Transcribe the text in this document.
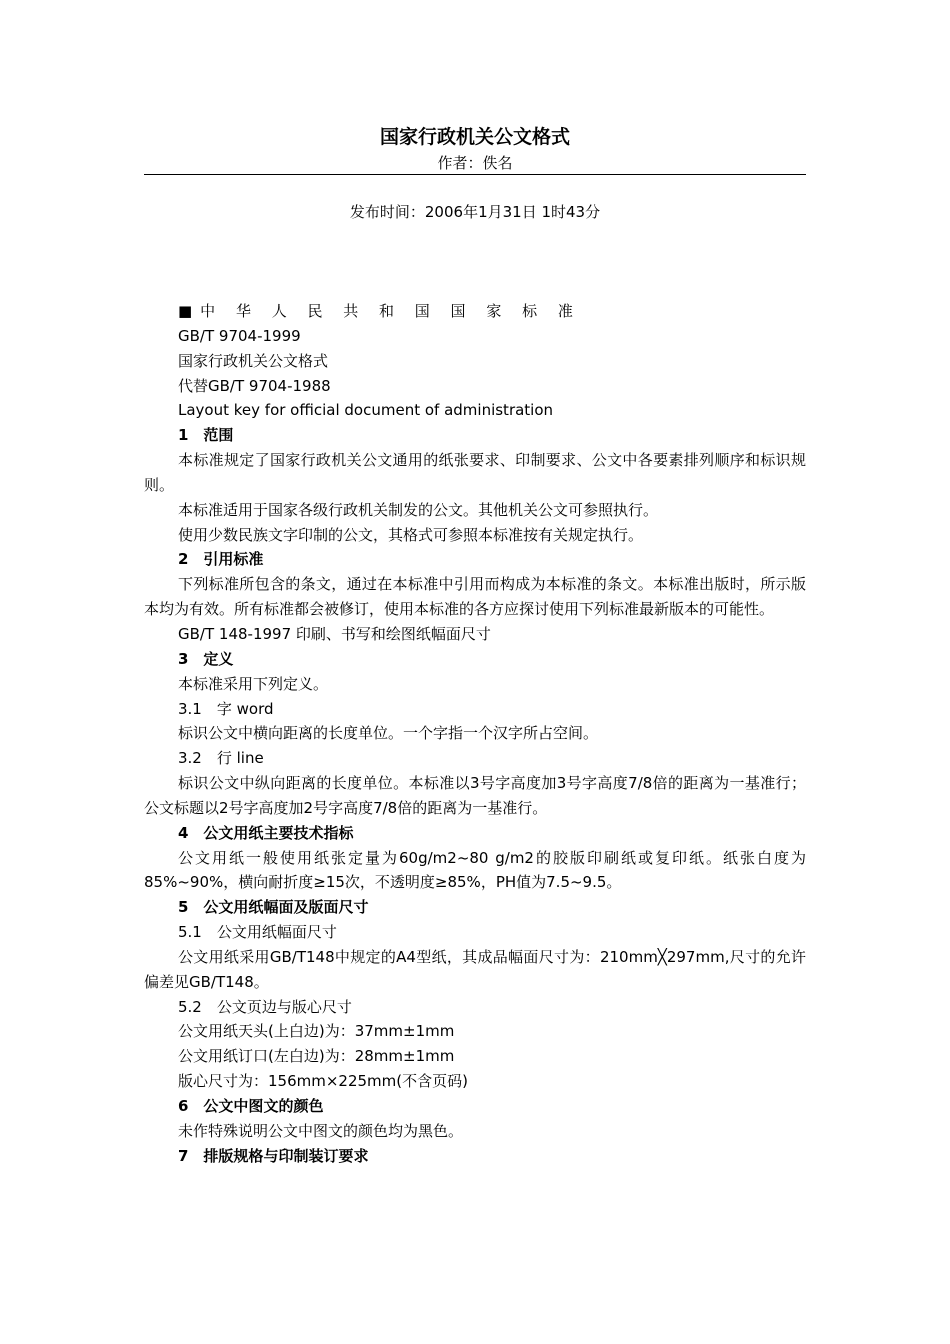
国家行政机关公文格式
作者：佚名
发布时间：2006年1月31日 1时43分

■中 华 人 民 共 和 国 国 家 标 准

GB/T 9704-1999

国家行政机关公文格式

代替GB/T 9704-1988

Layout key for official document of administration

1　范围

本标准规定了国家行政机关公文通用的纸张要求、印制要求、公文中各要素排列顺序和标识规则。

本标准适用于国家各级行政机关制发的公文。其他机关公文可参照执行。

使用少数民族文字印制的公文，其格式可参照本标准按有关规定执行。

2　引用标准

下列标准所包含的条文，通过在本标准中引用而构成为本标准的条文。本标准出版时，所示版本均为有效。所有标准都会被修订，使用本标准的各方应探讨使用下列标准最新版本的可能性。

GB/T 148-1997 印刷、书写和绘图纸幅面尺寸

3　定义

本标准采用下列定义。

3.1　字 word

标识公文中横向距离的长度单位。一个字指一个汉字所占空间。

3.2　行 line

标识公文中纵向距离的长度单位。本标准以3号字高度加3号字高度7/8倍的距离为一基准行；公文标题以2号字高度加2号字高度7/8倍的距离为一基准行。

4　公文用纸主要技术指标

公文用纸一般使用纸张定量为60g/m2~80 g/m2的胶版印刷纸或复印纸。纸张白度为85%~90%，横向耐折度≥15次，不透明度≥85%，PH值为7.5~9.5。

5　公文用纸幅面及版面尺寸

5.1　公文用纸幅面尺寸

公文用纸采用GB/T148中规定的A4型纸，其成品幅面尺寸为：210mm╳297mm,尺寸的允许偏差见GB/T148。

5.2　公文页边与版心尺寸

公文用纸天头(上白边)为：37mm±1mm

公文用纸订口(左白边)为：28mm±1mm

版心尺寸为：156mm×225mm(不含页码)

6　公文中图文的颜色

未作特殊说明公文中图文的颜色均为黑色。

7　排版规格与印制装订要求
